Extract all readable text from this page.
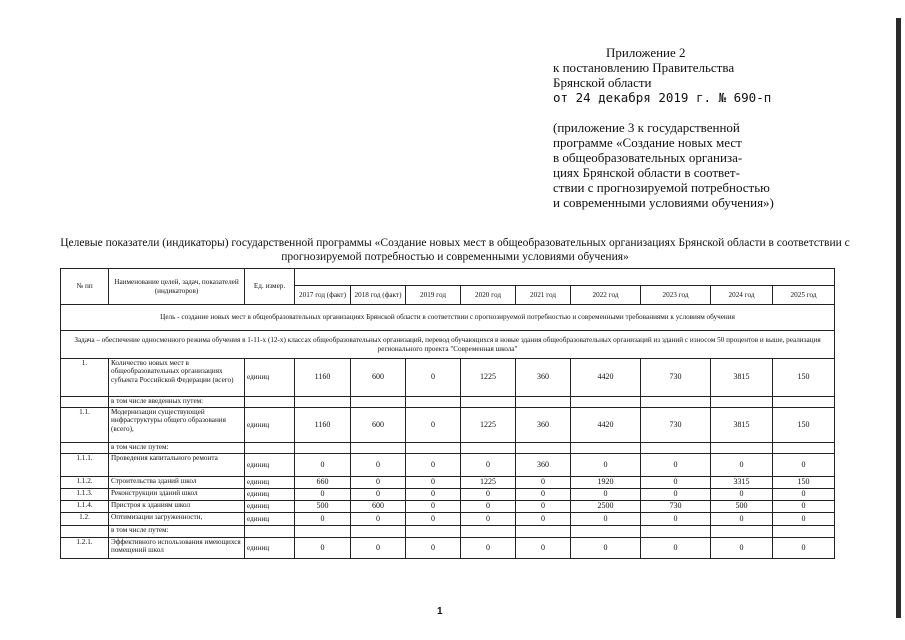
Приложение 2
к постановлению Правительства
Брянской области
от 24 декабря 2019 г. № 690-п
(приложение 3 к государственной
программе «Создание новых мест
в общеобразовательных организа-
циях Брянской области в соответ-
ствии с прогнозируемой потребностью
и современными условиями обучения»)
Целевые показатели (индикаторы) государственной программы «Создание новых мест в общеобразовательных организациях Брянской области в соответствии с прогнозируемой потребностью и современными условиями обучения»
№ пп	Наименование целей, задач, показателей (индикаторов)	Ед. измер.									
			2017 год (факт)	2018 год (факт)	2019 год	2020 год	2021 год	2022 год	2023 год	2024 год	2025 год
Цель - создание новых мест в общеобразовательных организациях Брянской области в соответствии с прогнозируемой потребностью и современными требованиями к условиям обучения											
Задача – обеспечение односменного режима обучения в 1-11-х (12-х) классах общеобразовательных организаций, перевод обучающихся в новые здания общеобразовательных организаций из зданий с износом 50 процентов и выше, реализация регионального проекта "Современная школа"											
1.	Количество новых мест в общеобразовательных организациях субъекта Российской Федерации (всего)	единиц	1160	600	0	1225	360	4420	730	3815	150
	в том числе введенных путем:										
1.1.	Модернизации существующей инфраструктуры общего образования (всего),	единиц	1160	600	0	1225	360	4420	730	3815	150
	в том числе путем:										
1.1.1.	Проведения капитального ремонта	единиц	0	0	0	0	360	0	0	0	0
1.1.2.	Строительства зданий школ	единиц	660	0	0	1225	0	1920	0	3315	150
1.1.3.	Реконструкции зданий школ	единиц	0	0	0	0	0	0	0	0	0
1.1.4.	Пристроя к зданиям школ	единиц	500	600	0	0	0	2500	730	500	0
1.2.	Оптимизации загруженности,	единиц	0	0	0	0	0	0	0	0	0
	в том числе путем:										
1.2.1.	Эффективного использования имеющихся помещений школ	единиц	0	0	0	0	0	0	0	0	0
1
